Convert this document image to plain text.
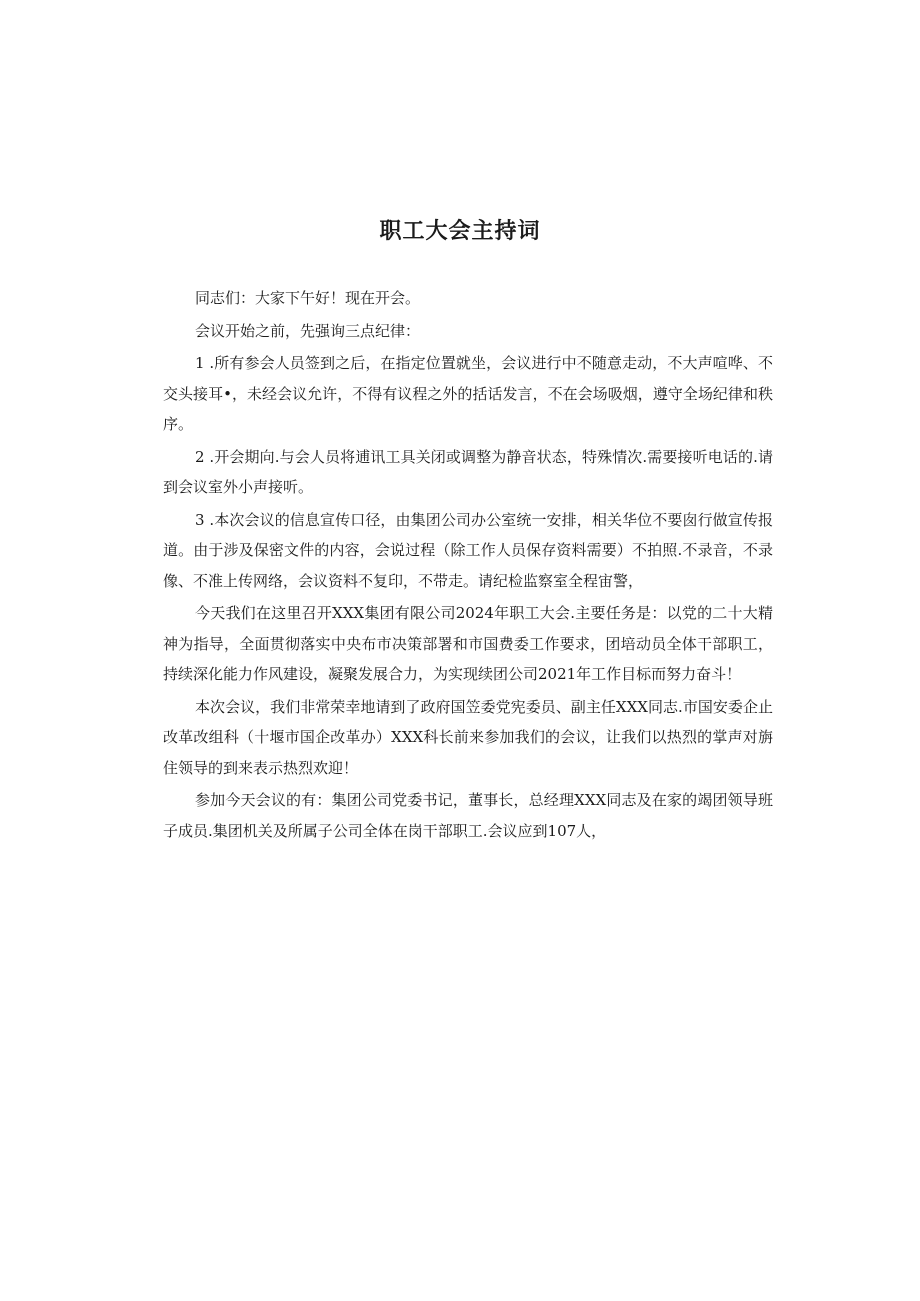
职工大会主持词

同志们：大家下午好！现在开会。

会议开始之前，先强询三点纪律：

1 .所有参会人员签到之后，在指定位置就坐，会议进行中不随意走动，不大声喧哗、不交头接耳•，未经会议允许，不得有议程之外的括话发言，不在会场吸烟，遵守全场纪律和秩序。

2 .开会期向.与会人员将逋讯工具关闭或调整为静音状态，特殊情次.需要接听电话的.请到会议室外小声接听。

3 .本次会议的信息宣传口径，由集团公司办公室统一安排，相关华位不要囱行做宣传报道。由于涉及保密文件的内容，会说过程（除工作人员保存资料需要）不拍照.不录音，不录像、不准上传网络，会议资料不复印，不带走。请纪检监察室全程宙警，

今天我们在这里召开XXX集团有限公司2024年职工大会.主要任务是：以党的二十大精神为指导，全面贯彻落实中央布市决策部署和市国费委工作要求，团培动员全体干部职工，持续深化能力作风建设，凝聚发展合力，为实现续团公司2021年工作目标而努力奋斗！

本次会议，我们非常荣幸地请到了政府国笠委党宪委员、副主任XXX同志.市国安委企止改革改组科（十堰市国企改革办）XXX科长前来参加我们的会议，让我们以热烈的掌声对旃住领导的到来表示热烈欢迎！

参加今天会议的有：集团公司党委书记，董事长，总经理XXX同志及在家的竭团领导班子成员.集团机关及所属子公司全体在岗干部职工.会议应到107人，
